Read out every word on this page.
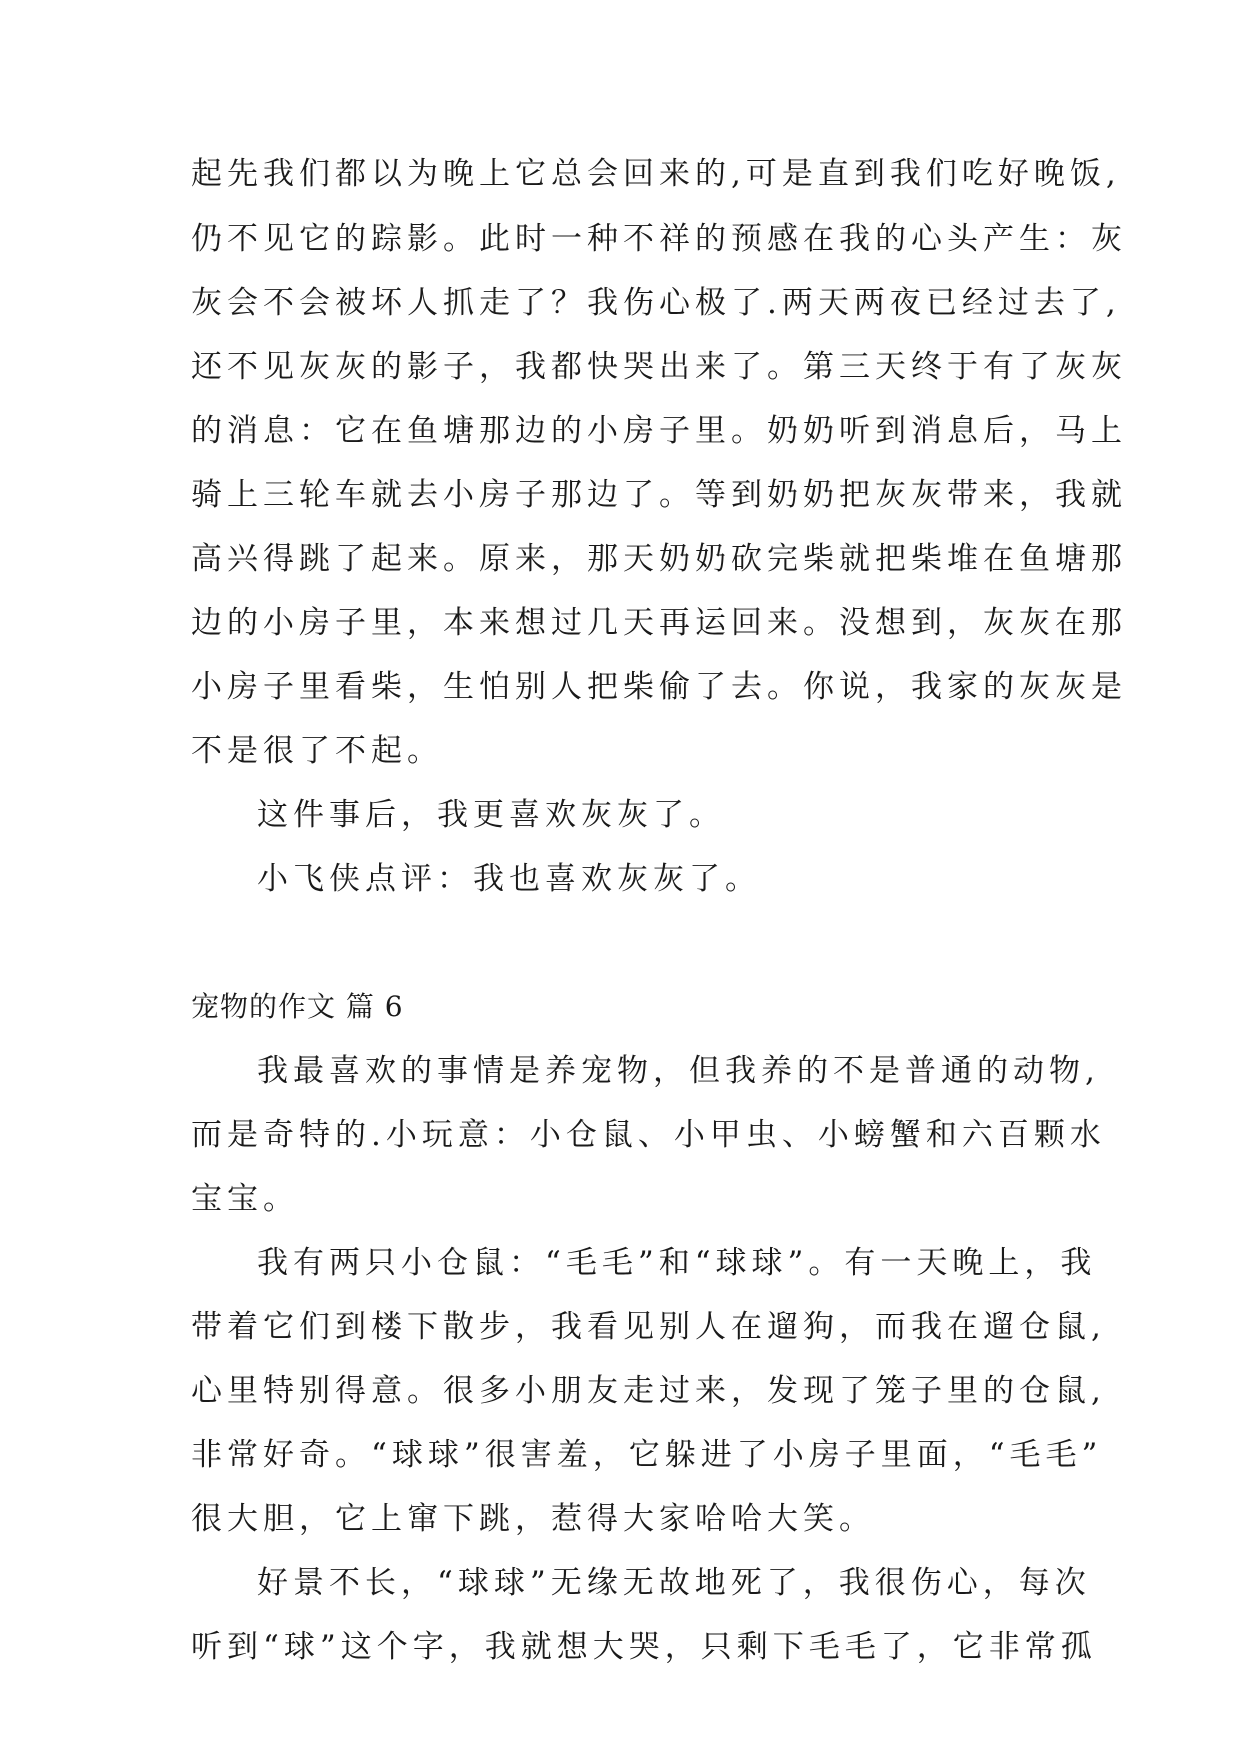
起先我们都以为晚上它总会回来的,可是直到我们吃好晚饭,
仍不见它的踪影。此时一种不祥的预感在我的心头产生：灰
灰会不会被坏人抓走了？我伤心极了.两天两夜已经过去了,
还不见灰灰的影子，我都快哭出来了。第三天终于有了灰灰
的消息：它在鱼塘那边的小房子里。奶奶听到消息后，马上
骑上三轮车就去小房子那边了。等到奶奶把灰灰带来，我就
高兴得跳了起来。原来，那天奶奶砍完柴就把柴堆在鱼塘那
边的小房子里，本来想过几天再运回来。没想到，灰灰在那
小房子里看柴，生怕别人把柴偷了去。你说，我家的灰灰是
不是很了不起。
这件事后，我更喜欢灰灰了。
小飞侠点评：我也喜欢灰灰了。
宠物的作文 篇 6
我最喜欢的事情是养宠物，但我养的不是普通的动物,
而是奇特的.小玩意：小仓鼠、小甲虫、小螃蟹和六百颗水
宝宝。
我有两只小仓鼠：“毛毛”和“球球”。有一天晚上，我
带着它们到楼下散步，我看见别人在遛狗，而我在遛仓鼠,
心里特别得意。很多小朋友走过来，发现了笼子里的仓鼠,
非常好奇。“球球”很害羞，它躲进了小房子里面，“毛毛”
很大胆，它上窜下跳，惹得大家哈哈大笑。
好景不长，“球球”无缘无故地死了，我很伤心，每次
听到“球”这个字，我就想大哭，只剩下毛毛了，它非常孤
